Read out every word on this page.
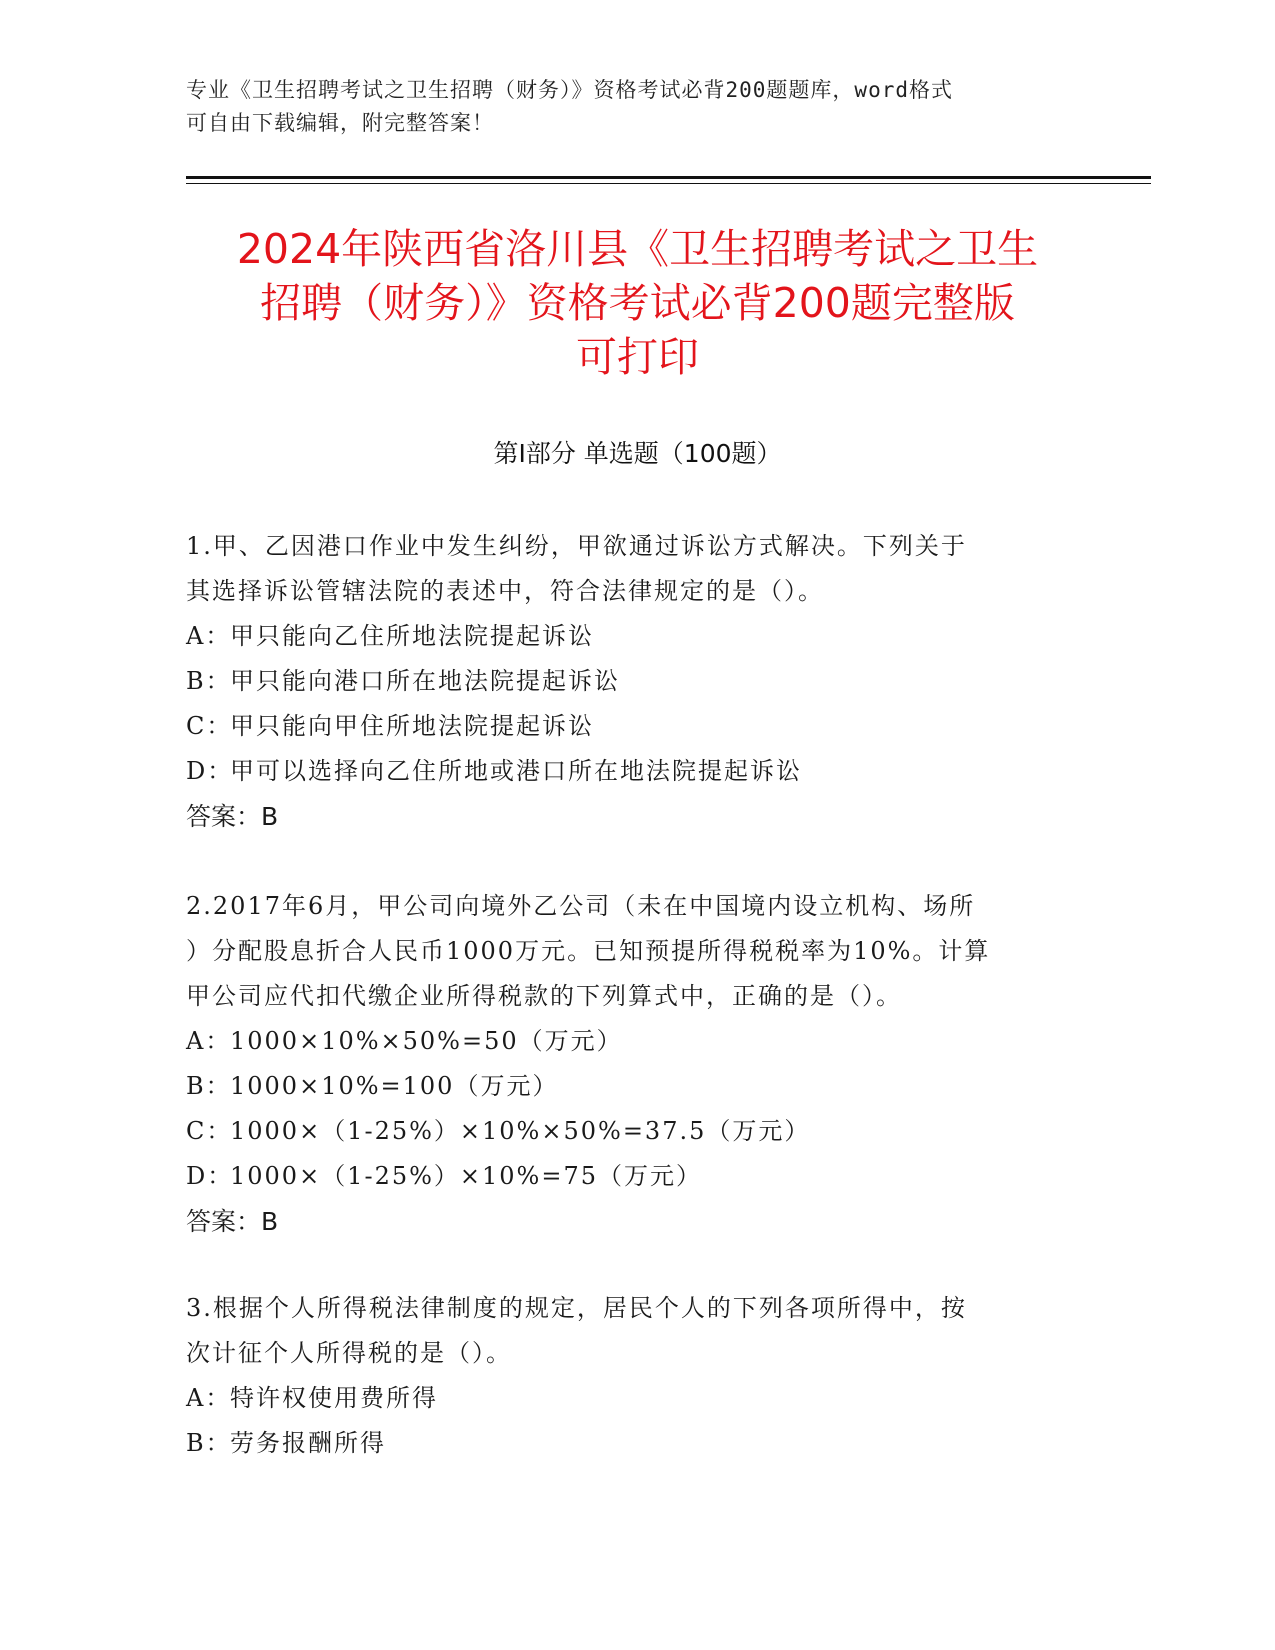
专业《卫生招聘考试之卫生招聘（财务）》资格考试必背200题题库，word格式
可自由下载编辑，附完整答案！
2024年陕西省洛川县《卫生招聘考试之卫生
招聘（财务）》资格考试必背200题完整版
可打印
第Ⅰ部分 单选题（100题）

1.甲、乙因港口作业中发生纠纷，甲欲通过诉讼方式解决。下列关于
其选择诉讼管辖法院的表述中，符合法律规定的是（）。

A：甲只能向乙住所地法院提起诉讼

B：甲只能向港口所在地法院提起诉讼

C：甲只能向甲住所地法院提起诉讼

D：甲可以选择向乙住所地或港口所在地法院提起诉讼

答案：B

2.2017年6月，甲公司向境外乙公司（未在中国境内设立机构、场所
）分配股息折合人民币1000万元。已知预提所得税税率为10%。计算
甲公司应代扣代缴企业所得税款的下列算式中，正确的是（）。

A：1000×10%×50%=50（万元）

B：1000×10%=100（万元）

C：1000×（1-25%）×10%×50%=37.5（万元）

D：1000×（1-25%）×10%=75（万元）

答案：B

3.根据个人所得税法律制度的规定，居民个人的下列各项所得中，按
次计征个人所得税的是（）。

A：特许权使用费所得

B：劳务报酬所得
